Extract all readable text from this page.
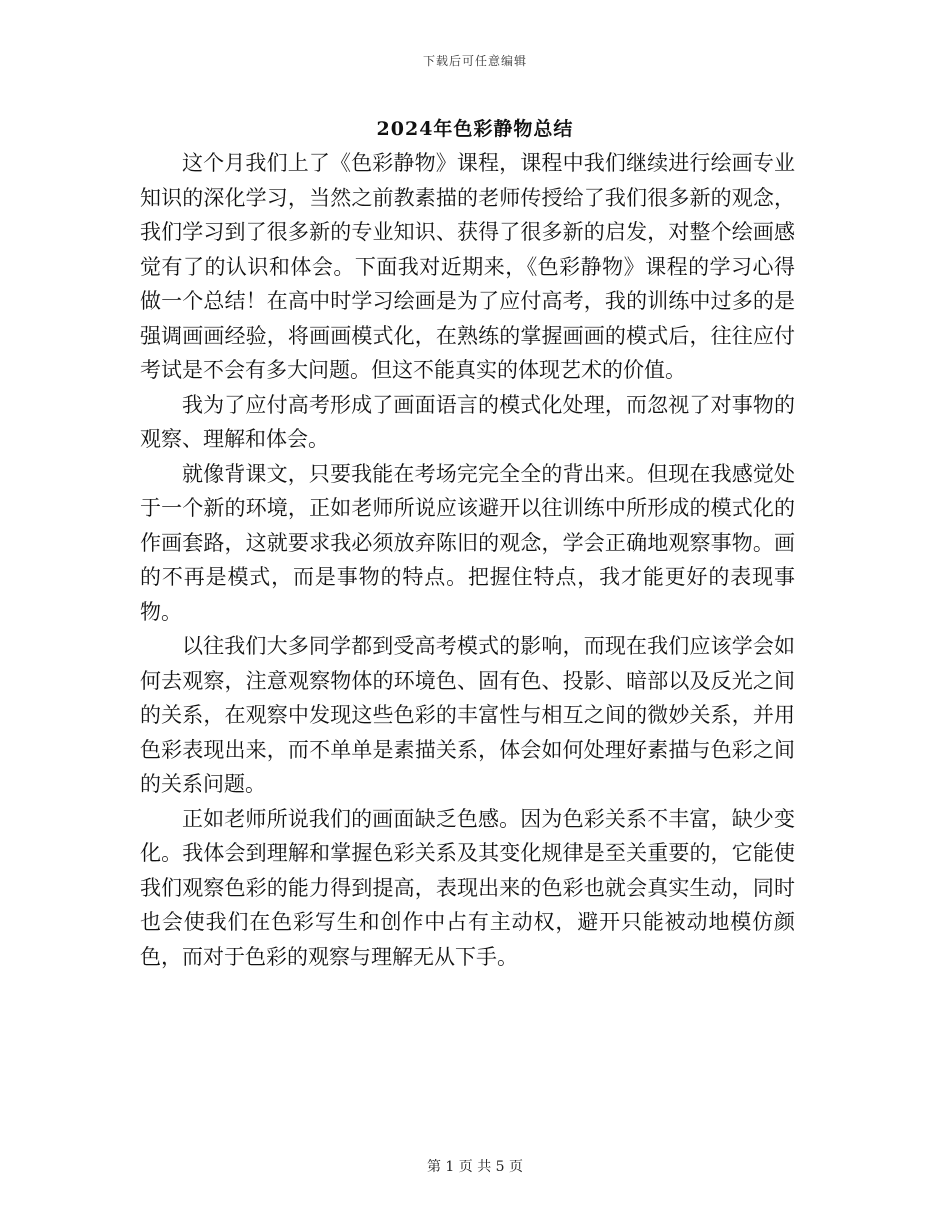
下载后可任意编辑
2024年色彩静物总结

这个月我们上了《色彩静物》课程，课程中我们继续进行绘画专业知识的深化学习，当然之前教素描的老师传授给了我们很多新的观念，我们学习到了很多新的专业知识、获得了很多新的启发，对整个绘画感觉有了的认识和体会。下面我对近期来，《色彩静物》课程的学习心得做一个总结！在高中时学习绘画是为了应付高考，我的训练中过多的是强调画画经验，将画画模式化，在熟练的掌握画画的模式后，往往应付考试是不会有多大问题。但这不能真实的体现艺术的价值。

我为了应付高考形成了画面语言的模式化处理，而忽视了对事物的观察、理解和体会。

就像背课文，只要我能在考场完完全全的背出来。但现在我感觉处于一个新的环境，正如老师所说应该避开以往训练中所形成的模式化的作画套路，这就要求我必须放弃陈旧的观念，学会正确地观察事物。画的不再是模式，而是事物的特点。把握住特点，我才能更好的表现事物。

以往我们大多同学都到受高考模式的影响，而现在我们应该学会如何去观察，注意观察物体的环境色、固有色、投影、暗部以及反光之间的关系，在观察中发现这些色彩的丰富性与相互之间的微妙关系，并用色彩表现出来，而不单单是素描关系，体会如何处理好素描与色彩之间的关系问题。

正如老师所说我们的画面缺乏色感。因为色彩关系不丰富，缺少变化。我体会到理解和掌握色彩关系及其变化规律是至关重要的，它能使我们观察色彩的能力得到提高，表现出来的色彩也就会真实生动，同时也会使我们在色彩写生和创作中占有主动权，避开只能被动地模仿颜色，而对于色彩的观察与理解无从下手。

第 1 页 共 5 页
